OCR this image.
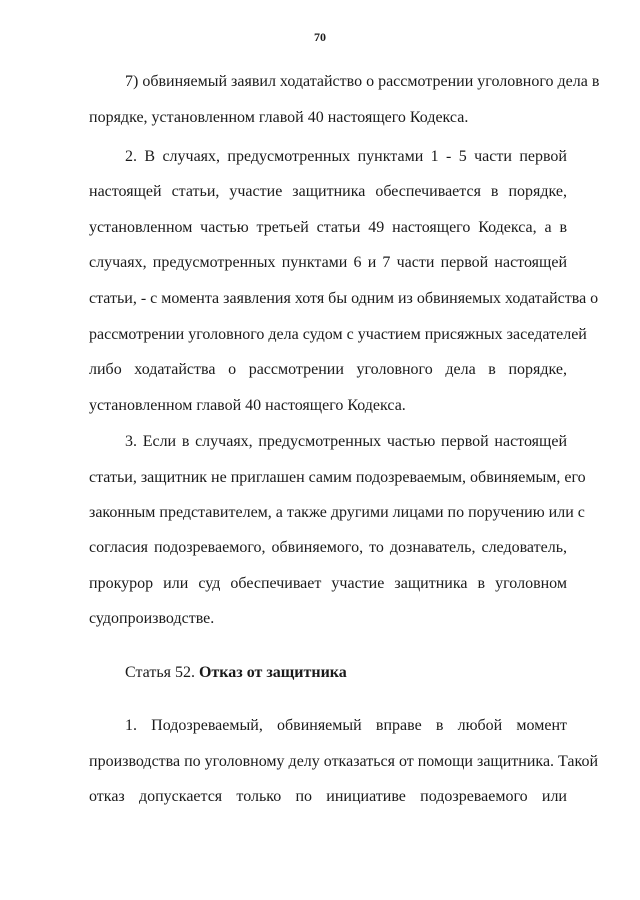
70
7) обвиняемый заявил ходатайство о рассмотрении уголовного дела в
порядке, установленном главой 40 настоящего Кодекса.
2. В случаях, предусмотренных пунктами 1 - 5 части первой
настоящей статьи, участие защитника обеспечивается в порядке,
установленном частью третьей статьи 49 настоящего Кодекса, а в
случаях, предусмотренных пунктами 6 и 7 части первой настоящей
статьи, - с момента заявления хотя бы одним из обвиняемых ходатайства о
рассмотрении уголовного дела судом с участием присяжных заседателей
либо ходатайства о рассмотрении уголовного дела в порядке,
установленном главой 40 настоящего Кодекса.
3. Если в случаях, предусмотренных частью первой настоящей
статьи, защитник не приглашен самим подозреваемым, обвиняемым, его
законным представителем, а также другими лицами по поручению или с
согласия подозреваемого, обвиняемого, то дознаватель, следователь,
прокурор или суд обеспечивает участие защитника в уголовном
судопроизводстве.
Статья 52. Отказ от защитника
1. Подозреваемый, обвиняемый вправе в любой момент
производства по уголовному делу отказаться от помощи защитника. Такой
отказ допускается только по инициативе подозреваемого или
